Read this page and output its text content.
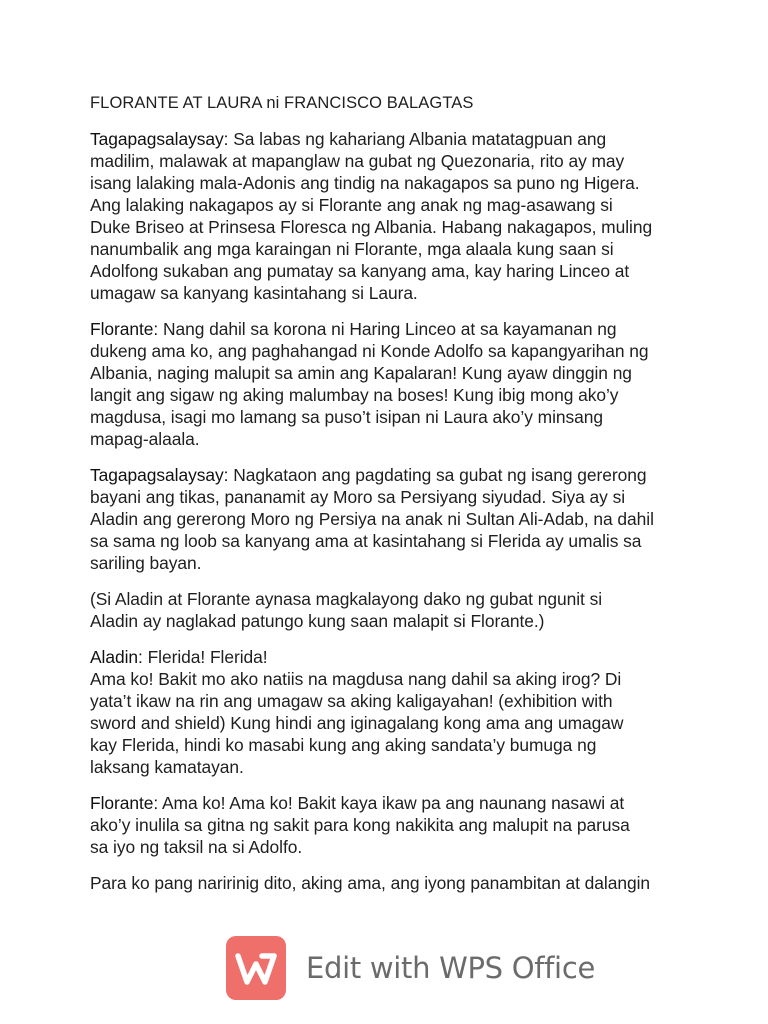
FLORANTE AT LAURA ni FRANCISCO BALAGTAS
Tagapagsalaysay: Sa labas ng kahariang Albania matatagpuan ang
madilim, malawak at mapanglaw na gubat ng Quezonaria, rito ay may
isang lalaking mala-Adonis ang tindig na nakagapos sa puno ng Higera.
Ang lalaking nakagapos ay si Florante ang anak ng mag-asawang si
Duke Briseo at Prinsesa Floresca ng Albania. Habang nakagapos, muling
nanumbalik ang mga karaingan ni Florante, mga alaala kung saan si
Adolfong sukaban ang pumatay sa kanyang ama, kay haring Linceo at
umagaw sa kanyang kasintahang si Laura.
Florante: Nang dahil sa korona ni Haring Linceo at sa kayamanan ng
dukeng ama ko, ang paghahangad ni Konde Adolfo sa kapangyarihan ng
Albania, naging malupit sa amin ang Kapalaran! Kung ayaw dinggin ng
langit ang sigaw ng aking malumbay na boses! Kung ibig mong ako’y
magdusa, isagi mo lamang sa puso’t isipan ni Laura ako’y minsang
mapag-alaala.
Tagapagsalaysay: Nagkataon ang pagdating sa gubat ng isang gererong
bayani ang tikas, pananamit ay Moro sa Persiyang siyudad. Siya ay si
Aladin ang gererong Moro ng Persiya na anak ni Sultan Ali-Adab, na dahil
sa sama ng loob sa kanyang ama at kasintahang si Flerida ay umalis sa
sariling bayan.
(Si Aladin at Florante aynasa magkalayong dako ng gubat ngunit si
Aladin ay naglakad patungo kung saan malapit si Florante.)
Aladin: Flerida! Flerida!
Ama ko! Bakit mo ako natiis na magdusa nang dahil sa aking irog? Di
yata’t ikaw na rin ang umagaw sa aking kaligayahan! (exhibition with
sword and shield) Kung hindi ang iginagalang kong ama ang umagaw
kay Flerida, hindi ko masabi kung ang aking sandata’y bumuga ng
laksang kamatayan.
Florante: Ama ko! Ama ko! Bakit kaya ikaw pa ang naunang nasawi at
ako’y inulila sa gitna ng sakit para kong nakikita ang malupit na parusa
sa iyo ng taksil na si Adolfo.
Para ko pang naririnig dito, aking ama, ang iyong panambitan at dalangin
Edit with WPS Office
